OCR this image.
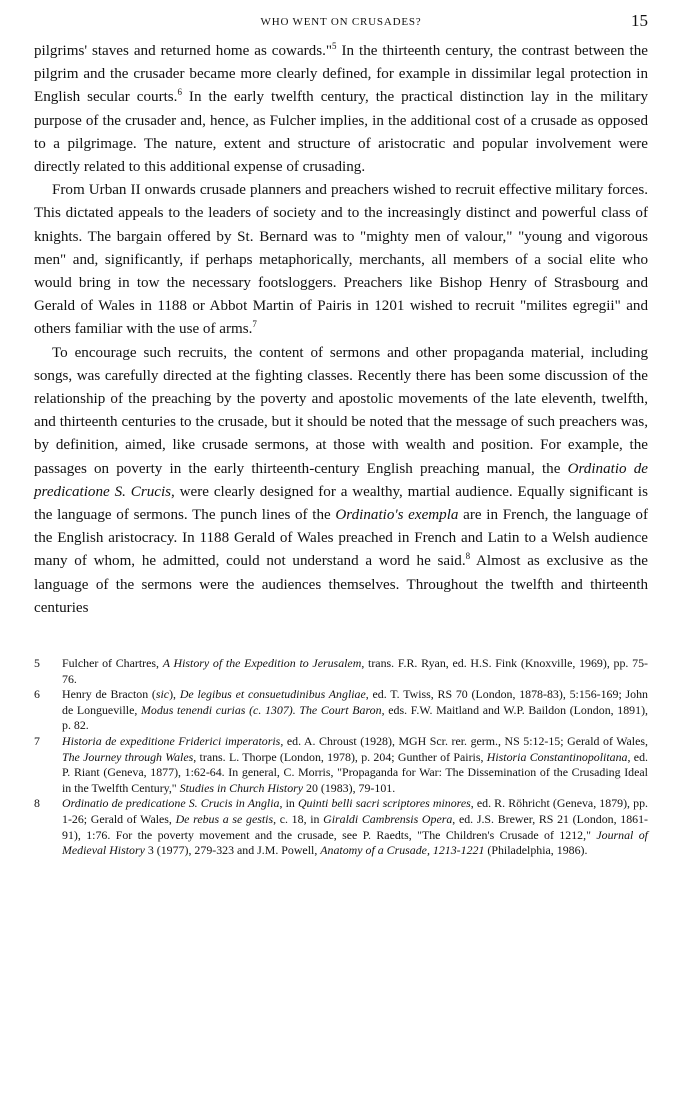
WHO WENT ON CRUSADES?	15

pilgrims' staves and returned home as cowards."$^5$ In the thirteenth century, the contrast between the pilgrim and the crusader became more clearly defined, for example in dissimilar legal protection in English secular courts.$^6$ In the early twelfth century, the practical distinction lay in the military purpose of the crusader and, hence, as Fulcher implies, in the additional cost of a crusade as opposed to a pilgrimage. The nature, extent and structure of aristocratic and popular involvement were directly related to this additional expense of crusading.

From Urban II onwards crusade planners and preachers wished to recruit effective military forces. This dictated appeals to the leaders of society and to the increasingly distinct and powerful class of knights. The bargain offered by St. Bernard was to "mighty men of valour," "young and vigorous men" and, significantly, if perhaps metaphorically, merchants, all members of a social elite who would bring in tow the necessary footsloggers. Preachers like Bishop Henry of Strasbourg and Gerald of Wales in 1188 or Abbot Martin of Pairis in 1201 wished to recruit "milites egregii" and others familiar with the use of arms.$^7$

To encourage such recruits, the content of sermons and other propaganda material, including songs, was carefully directed at the fighting classes. Recently there has been some discussion of the relationship of the preaching by the poverty and apostolic movements of the late eleventh, twelfth, and thirteenth centuries to the crusade, but it should be noted that the message of such preachers was, by definition, aimed, like crusade sermons, at those with wealth and position. For example, the passages on poverty in the early thirteenth-century English preaching manual, the Ordinatio de predicatione S. Crucis, were clearly designed for a wealthy, martial audience. Equally significant is the language of sermons. The punch lines of the Ordinatio's exempla are in French, the language of the English aristocracy. In 1188 Gerald of Wales preached in French and Latin to a Welsh audience many of whom, he admitted, could not understand a word he said.$^8$ Almost as exclusive as the language of the sermons were the audiences themselves. Throughout the twelfth and thirteenth centuries

5 Fulcher of Chartres, A History of the Expedition to Jerusalem, trans. F.R. Ryan, ed. H.S. Fink (Knoxville, 1969), pp. 75-76.

6 Henry de Bracton (sic), De legibus et consuetudinibus Angliae, ed. T. Twiss, RS 70 (London, 1878-83), 5:156-169; John de Longueville, Modus tenendi curias (c. 1307). The Court Baron, eds. F.W. Maitland and W.P. Baildon (London, 1891), p. 82.

7 Historia de expeditione Friderici imperatoris, ed. A. Chroust (1928), MGH Scr. rer. germ., NS 5:12-15; Gerald of Wales, The Journey through Wales, trans. L. Thorpe (London, 1978), p. 204; Gunther of Pairis, Historia Constantinopolitana, ed. P. Riant (Geneva, 1877), 1:62-64. In general, C. Morris, "Propaganda for War: The Dissemination of the Crusading Ideal in the Twelfth Century," Studies in Church History 20 (1983), 79-101.

8 Ordinatio de predicatione S. Crucis in Anglia, in Quinti belli sacri scriptores minores, ed. R. Röhricht (Geneva, 1879), pp. 1-26; Gerald of Wales, De rebus a se gestis, c. 18, in Giraldi Cambrensis Opera, ed. J.S. Brewer, RS 21 (London, 1861-91), 1:76. For the poverty movement and the crusade, see P. Raedts, "The Children's Crusade of 1212," Journal of Medieval History 3 (1977), 279-323 and J.M. Powell, Anatomy of a Crusade, 1213-1221 (Philadelphia, 1986).
